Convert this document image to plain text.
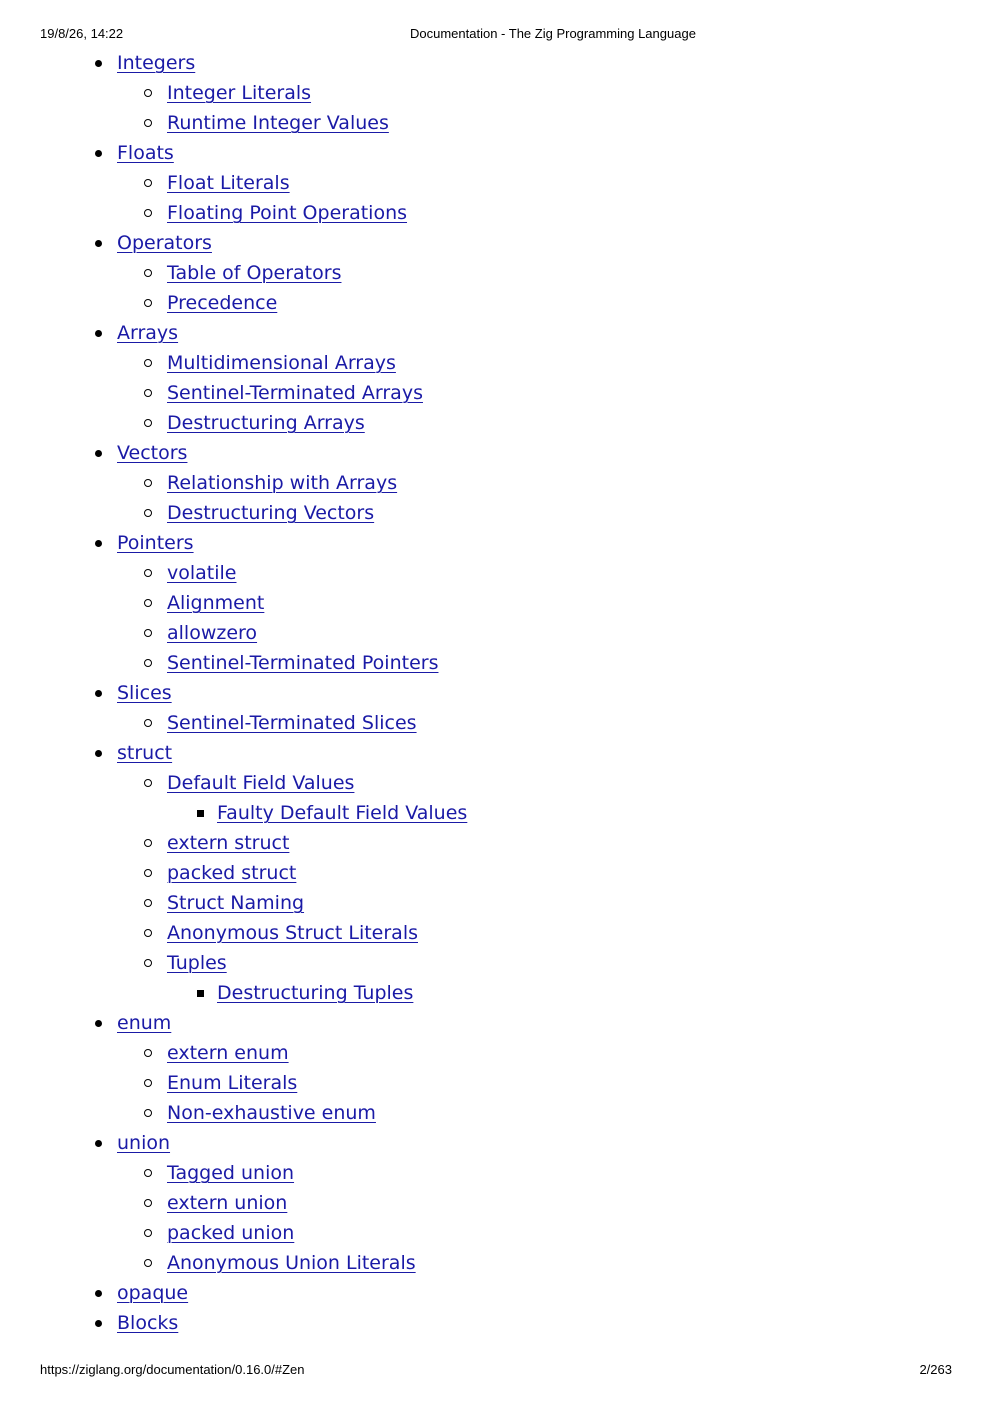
19/8/26, 14:22	Documentation - The Zig Programming Language
Integers
Integer Literals
Runtime Integer Values
Floats
Float Literals
Floating Point Operations
Operators
Table of Operators
Precedence
Arrays
Multidimensional Arrays
Sentinel-Terminated Arrays
Destructuring Arrays
Vectors
Relationship with Arrays
Destructuring Vectors
Pointers
volatile
Alignment
allowzero
Sentinel-Terminated Pointers
Slices
Sentinel-Terminated Slices
struct
Default Field Values
Faulty Default Field Values
extern struct
packed struct
Struct Naming
Anonymous Struct Literals
Tuples
Destructuring Tuples
enum
extern enum
Enum Literals
Non-exhaustive enum
union
Tagged union
extern union
packed union
Anonymous Union Literals
opaque
Blocks
https://ziglang.org/documentation/0.16.0/#Zen	2/263
